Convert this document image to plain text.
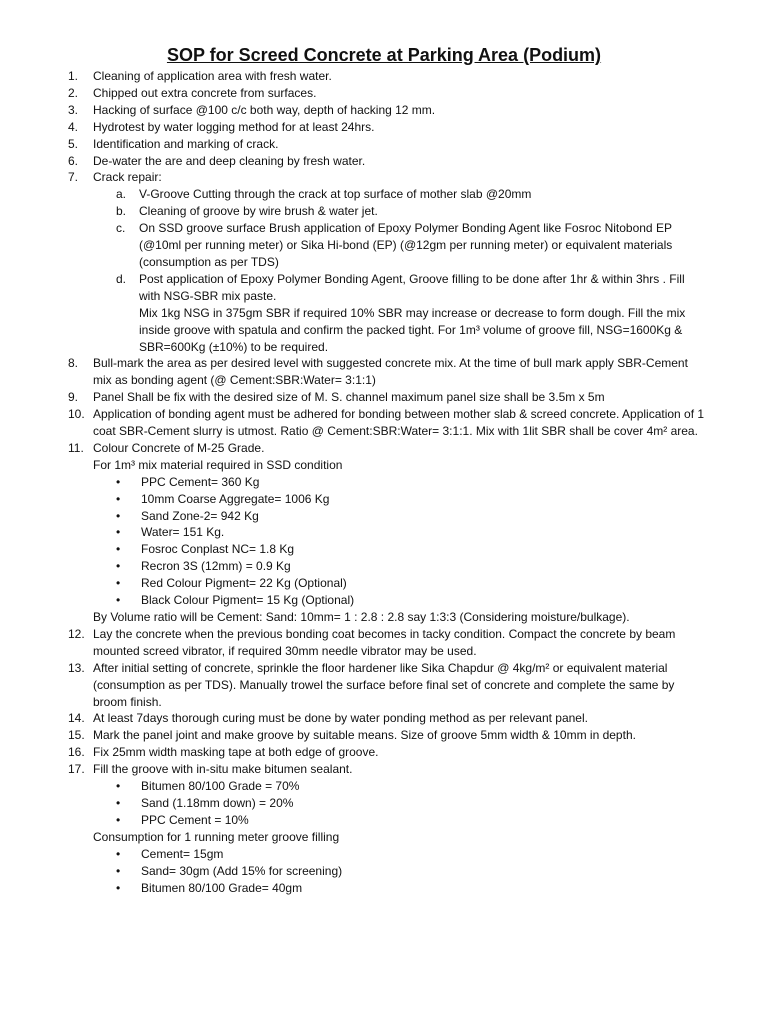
SOP for Screed Concrete at Parking Area (Podium)
1. Cleaning of application area with fresh water.
2. Chipped out extra concrete from surfaces.
3. Hacking of surface @100 c/c both way, depth of hacking 12 mm.
4. Hydrotest by water logging method for at least 24hrs.
5. Identification and marking of crack.
6. De-water the are and deep cleaning by fresh water.
7. Crack repair:
a. V-Groove Cutting through the crack at top surface of mother slab @20mm
b. Cleaning of groove by wire brush & water jet.
c. On SSD groove surface Brush application of Epoxy Polymer Bonding Agent like Fosroc Nitobond EP (@10ml per running meter) or Sika Hi-bond (EP) (@12gm per running meter) or equivalent materials (consumption as per TDS)
d. Post application of Epoxy Polymer Bonding Agent, Groove filling to be done after 1hr & within 3hrs . Fill with NSG-SBR mix paste.
Mix 1kg NSG in 375gm SBR if required 10% SBR may increase or decrease to form dough. Fill the mix inside groove with spatula and confirm the packed tight. For 1m³ volume of groove fill, NSG=1600Kg & SBR=600Kg (±10%) to be required.
8. Bull-mark the area as per desired level with suggested concrete mix. At the time of bull mark apply SBR-Cement mix as bonding agent (@ Cement:SBR:Water= 3:1:1)
9. Panel Shall be fix with the desired size of M. S. channel maximum panel size shall be 3.5m x 5m
10. Application of bonding agent must be adhered for bonding between mother slab & screed concrete. Application of 1 coat SBR-Cement slurry is utmost. Ratio @ Cement:SBR:Water= 3:1:1. Mix with 1lit SBR shall be cover 4m² area.
11. Colour Concrete of M-25 Grade.
For 1m³ mix material required in SSD condition
• PPC Cement= 360 Kg
• 10mm Coarse Aggregate= 1006 Kg
• Sand Zone-2= 942 Kg
• Water= 151 Kg.
• Fosroc Conplast NC= 1.8 Kg
• Recron 3S (12mm) = 0.9 Kg
• Red Colour Pigment= 22 Kg (Optional)
• Black Colour Pigment= 15 Kg (Optional)
By Volume ratio will be Cement: Sand: 10mm= 1 : 2.8 : 2.8 say 1:3:3 (Considering moisture/bulkage).
12. Lay the concrete when the previous bonding coat becomes in tacky condition. Compact the concrete by beam mounted screed vibrator, if required 30mm needle vibrator may be used.
13. After initial setting of concrete, sprinkle the floor hardener like Sika Chapdur @ 4kg/m² or equivalent material (consumption as per TDS). Manually trowel the surface before final set of concrete and complete the same by broom finish.
14. At least 7days thorough curing must be done by water ponding method as per relevant panel.
15. Mark the panel joint and make groove by suitable means. Size of groove 5mm width & 10mm in depth.
16. Fix 25mm width masking tape at both edge of groove.
17. Fill the groove with in-situ make bitumen sealant.
• Bitumen 80/100 Grade = 70%
• Sand (1.18mm down) = 20%
• PPC Cement = 10%
Consumption for 1 running meter groove filling
• Cement= 15gm
• Sand= 30gm (Add 15% for screening)
• Bitumen 80/100 Grade= 40gm
